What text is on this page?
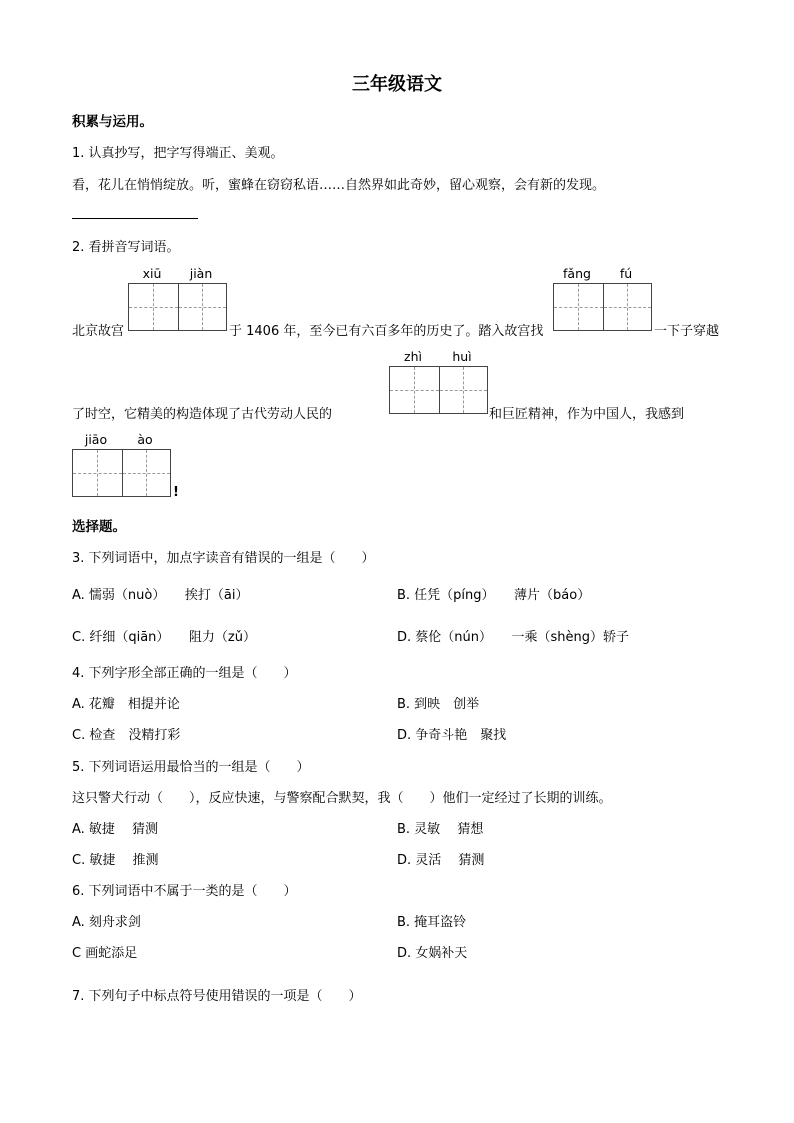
三年级语文
积累与运用。
1. 认真抄写，把字写得端正、美观。
看，花儿在悄悄绽放。听，蜜蜂在窃窃私语……自然界如此奇妙，留心观察，会有新的发现。
2. 看拼音写词语。
xiū	jiàn	fǎng	fú
北京故宫	于 1406 年，至今已有六百多年的历史了。踏入故宫找	一下子穿越
zhì	huì
了时空，它精美的构造体现了古代劳动人民的	和巨匠精神，作为中国人，我感到
jiāo	ào
!
选择题。
3. 下列词语中，加点字读音有错误的一组是（　　）
A. 懦弱（nuò）　　挨打（āi）	B. 任凭（píng）　　薄片（báo）
C. 纤细（qiān）　　阻力（zǔ）	D. 蔡伦（nún）　　一乘（shèng）轿子
4. 下列字形全部正确的一组是（　　）
A. 花瓣　相提并论	B. 到映　创举
C. 检查　没精打彩	D. 争奇斗艳　聚找
5. 下列词语运用最恰当的一组是（　　）
这只警犬行动（　　），反应快速，与警察配合默契，我（　　）他们一定经过了长期的训练。
A. 敏捷　 猜测	B. 灵敏　 猜想
C. 敏捷　 推测	D. 灵活　 猜测
6. 下列词语中不属于一类的是（　　）
A. 刻舟求剑	B. 掩耳盗铃
C 画蛇添足	D. 女娲补天
7. 下列句子中标点符号使用错误的一项是（　　）
